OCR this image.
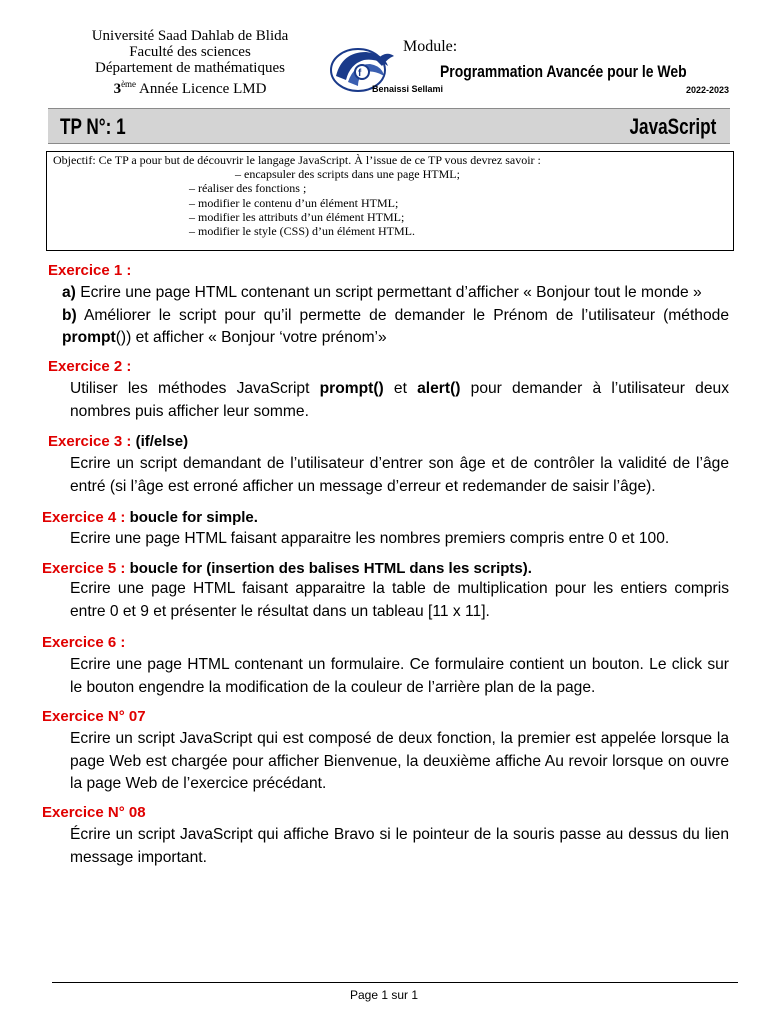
Université Saad Dahlab de Blida
Faculté des sciences
Département de mathématiques
3ème Année Licence LMD
f
Module:
Programmation Avancée pour le Web
Benaissi Sellami	2022-2023
TP N°: 1	JavaScript
Objectif: Ce TP a pour but de découvrir le langage JavaScript. À l’issue de ce TP vous devrez savoir :
– encapsuler des scripts dans une page HTML;
– réaliser des fonctions ;
– modifier le contenu d’un élément HTML;
– modifier les attributs d’un élément HTML;
– modifier le style (CSS) d’un élément HTML.
Exercice 1 :

a) Ecrire une page HTML contenant un script permettant d’afficher « Bonjour tout le monde »

b) Améliorer le script pour qu’il permette de demander le Prénom de l’utilisateur (méthode prompt()) et afficher « Bonjour ‘votre prénom’»

Exercice 2 :

Utiliser les méthodes JavaScript prompt() et alert() pour demander à l’utilisateur deux nombres puis afficher leur somme.

Exercice 3 : (if/else)
Ecrire un script demandant de l’utilisateur d’entrer son âge et de contrôler la validité de l’âge entré (si l’âge est erroné afficher un message d’erreur et redemander de saisir l’âge).
Exercice 4 : boucle for simple.
Ecrire une page HTML faisant apparaitre les nombres premiers compris entre 0 et 100.
Exercice 5 : boucle for (insertion des balises HTML dans les scripts).
Ecrire une page HTML faisant apparaitre la table de multiplication pour les entiers compris entre 0 et 9 et présenter le résultat dans un tableau [11 x 11].
Exercice 6 :
Ecrire une page HTML contenant un formulaire. Ce formulaire contient un bouton. Le click sur le bouton engendre la modification de la couleur de l’arrière plan de la page.
Exercice N° 07
Ecrire un script JavaScript qui est composé de deux fonction, la premier est appelée lorsque la page Web est chargée pour afficher Bienvenue, la deuxième affiche Au revoir lorsque on ouvre la page Web de l’exercice précédant.
Exercice N° 08
Écrire un script JavaScript qui affiche Bravo si le pointeur de la souris passe au dessus du lien message important.
Page 1 sur 1
